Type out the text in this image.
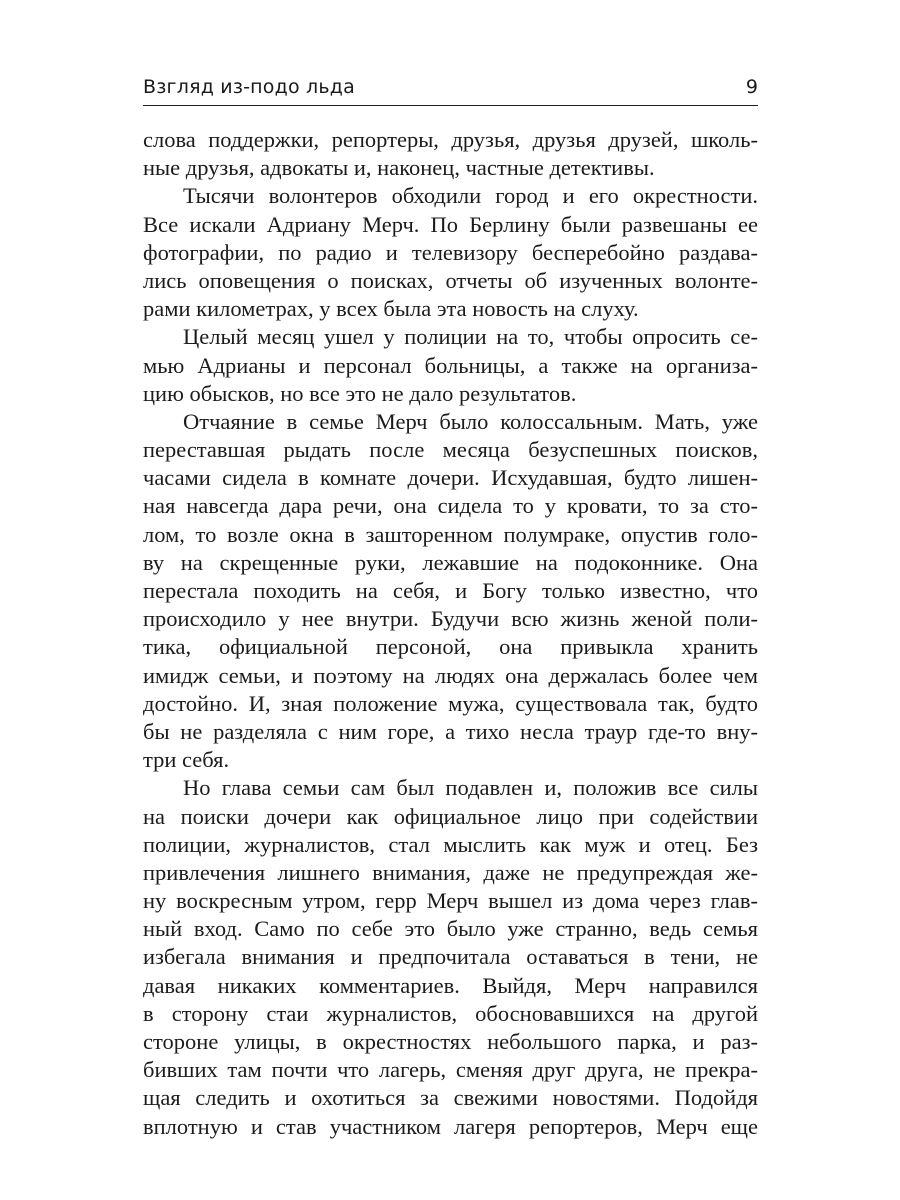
Взгляд из-подо льда	9
слова поддержки, репортеры, друзья, друзья друзей, школь-
ные друзья, адвокаты и, наконец, частные детективы.
Тысячи волонтеров обходили город и его окрестности.
Все искали Адриану Мерч. По Берлину были развешаны ее
фотографии, по радио и телевизору бесперебойно раздава-
лись оповещения о поисках, отчеты об изученных волонте-
рами километрах, у всех была эта новость на слуху.
Целый месяц ушел у полиции на то, чтобы опросить се-
мью Адрианы и персонал больницы, а также на организа-
цию обысков, но все это не дало результатов.
Отчаяние в семье Мерч было колоссальным. Мать, уже
переставшая рыдать после месяца безуспешных поисков,
часами сидела в комнате дочери. Исхудавшая, будто лишен-
ная навсегда дара речи, она сидела то у кровати, то за сто-
лом, то возле окна в зашторенном полумраке, опустив голо-
ву на скрещенные руки, лежавшие на подоконнике. Она
перестала походить на себя, и Богу только известно, что
происходило у нее внутри. Будучи всю жизнь женой поли-
тика, официальной персоной, она привыкла хранить
имидж семьи, и поэтому на людях она держалась более чем
достойно. И, зная положение мужа, существовала так, будто
бы не разделяла с ним горе, а тихо несла траур где-то вну-
три себя.
Но глава семьи сам был подавлен и, положив все силы
на поиски дочери как официальное лицо при содействии
полиции, журналистов, стал мыслить как муж и отец. Без
привлечения лишнего внимания, даже не предупреждая же-
ну воскресным утром, герр Мерч вышел из дома через глав-
ный вход. Само по себе это было уже странно, ведь семья
избегала внимания и предпочитала оставаться в тени, не
давая никаких комментариев. Выйдя, Мерч направился
в сторону стаи журналистов, обосновавшихся на другой
стороне улицы, в окрестностях небольшого парка, и раз-
бивших там почти что лагерь, сменяя друг друга, не прекра-
щая следить и охотиться за свежими новостями. Подойдя
вплотную и став участником лагеря репортеров, Мерч еще
